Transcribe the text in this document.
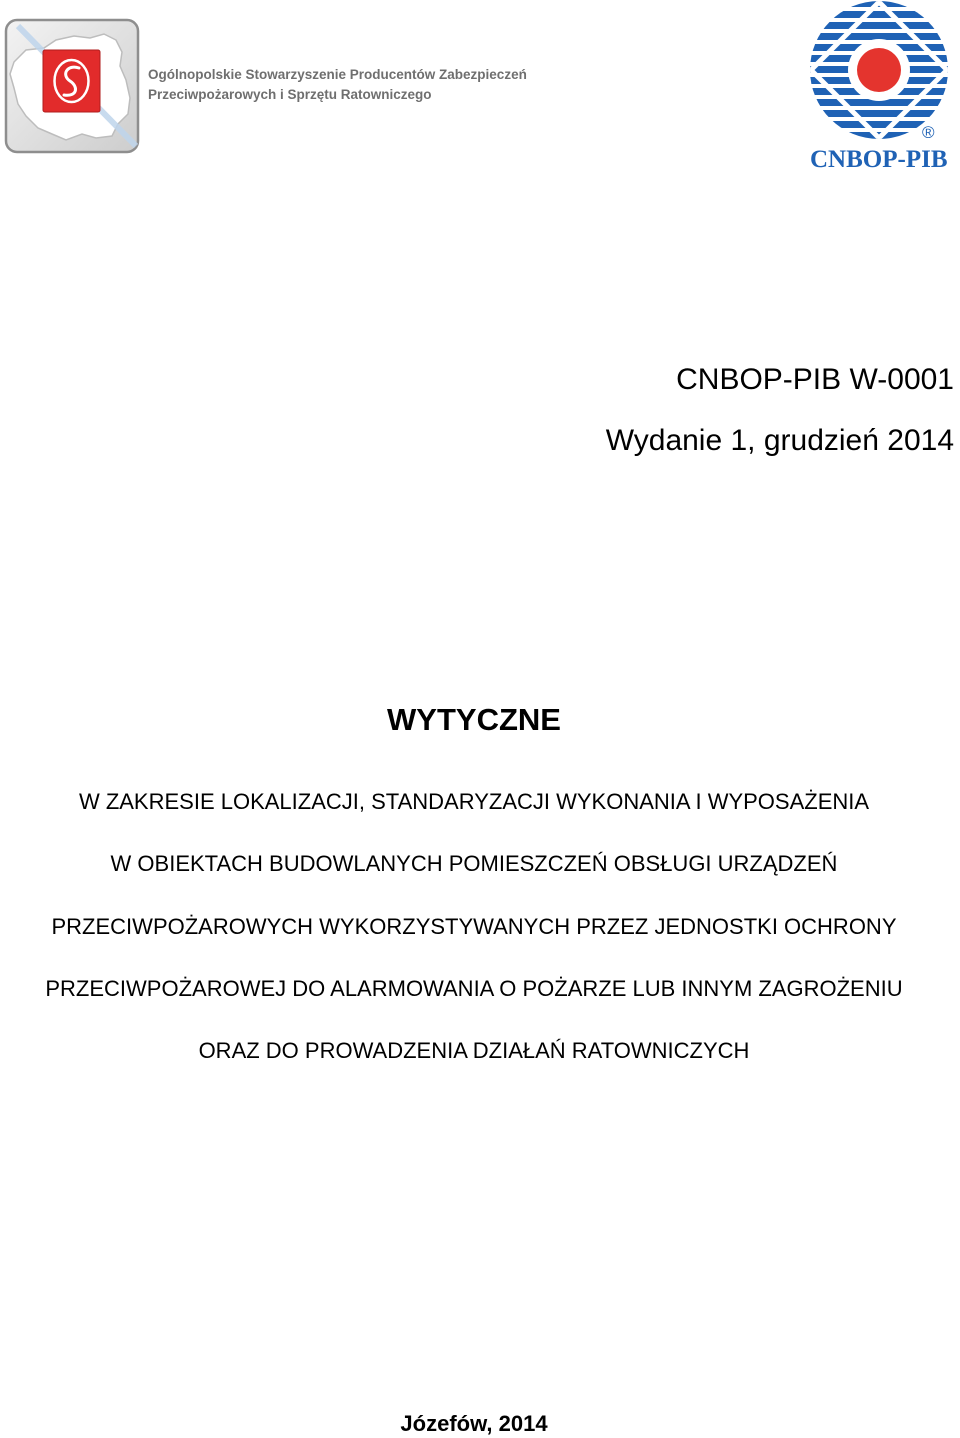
Ogólnopolskie Stowarzyszenie Producentów Zabezpieczeń
Przeciwpożarowych i Sprzętu Ratowniczego
®
CNBOP-PIB
CNBOP-PIB W-0001
Wydanie 1, grudzień 2014
WYTYCZNE
W ZAKRESIE LOKALIZACJI, STANDARYZACJI WYKONANIA I WYPOSAŻENIA
W OBIEKTACH BUDOWLANYCH POMIESZCZEŃ OBSŁUGI URZĄDZEŃ
PRZECIWPOŻAROWYCH WYKORZYSTYWANYCH PRZEZ JEDNOSTKI OCHRONY
PRZECIWPOŻAROWEJ DO ALARMOWANIA O POŻARZE LUB INNYM ZAGROŻENIU
ORAZ DO PROWADZENIA DZIAŁAŃ RATOWNICZYCH
Józefów, 2014
